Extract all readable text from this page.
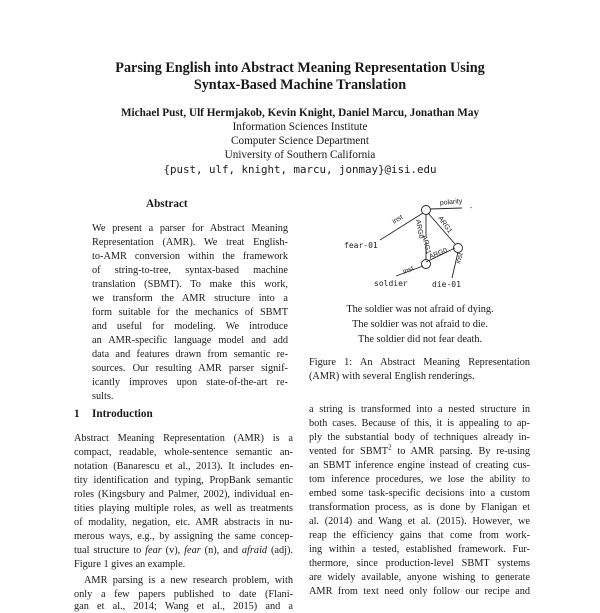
Parsing English into Abstract Meaning Representation Using
Syntax-Based Machine Translation
Michael Pust, Ulf Hermjakob, Kevin Knight, Daniel Marcu, Jonathan May
Information Sciences Institute
Computer Science Department
University of Southern California
{pust, ulf, knight, marcu, jonmay}@isi.edu
Abstract
We present a parser for Abstract Meaning
Representation (AMR). We treat English-
to-AMR conversion within the framework
of string-to-tree, syntax-based machine
translation (SBMT). To make this work,
we transform the AMR structure into a
form suitable for the mechanics of SBMT
and useful for modeling. We introduce
an AMR-specific language model and add
data and features drawn from semantic re-
sources. Our resulting AMR parser signif-
icantly improves upon state-of-the-art re-
sults.
polarity
-
inst ARG0 ARG1
ARG0
inst
inst
ARG1
fear-01
soldier	die-01
The soldier was not afraid of dying.
The soldier was not afraid to die.
The soldier did not fear death.
Figure 1: An Abstract Meaning Representation
(AMR) with several English renderings.
1 Introduction
Abstract Meaning Representation (AMR) is a
compact, readable, whole-sentence semantic an-
notation (Banarescu et al., 2013). It includes en-
tity identification and typing, PropBank semantic
roles (Kingsbury and Palmer, 2002), individual en-
tities playing multiple roles, as well as treatments
of modality, negation, etc. AMR abstracts in nu-
merous ways, e.g., by assigning the same concep-
tual structure to fear (v), fear (n), and afraid (adj).
Figure 1 gives an example.
AMR parsing is a new research problem, with
only a few papers published to date (Flani-
gan et al., 2014; Wang et al., 2015) and a
a string is transformed into a nested structure in
both cases. Because of this, it is appealing to ap-
ply the substantial body of techniques already in-
vented for SBMT$^2$ to AMR parsing. By re-using
an SBMT inference engine instead of creating cus-
tom inference procedures, we lose the ability to
embed some task-specific decisions into a custom
transformation process, as is done by Flanigan et
al. (2014) and Wang et al. (2015). However, we
reap the efficiency gains that come from work-
ing within a tested, established framework. Fur-
thermore, since production-level SBMT systems
are widely available, anyone wishing to generate
AMR from text need only follow our recipe and
